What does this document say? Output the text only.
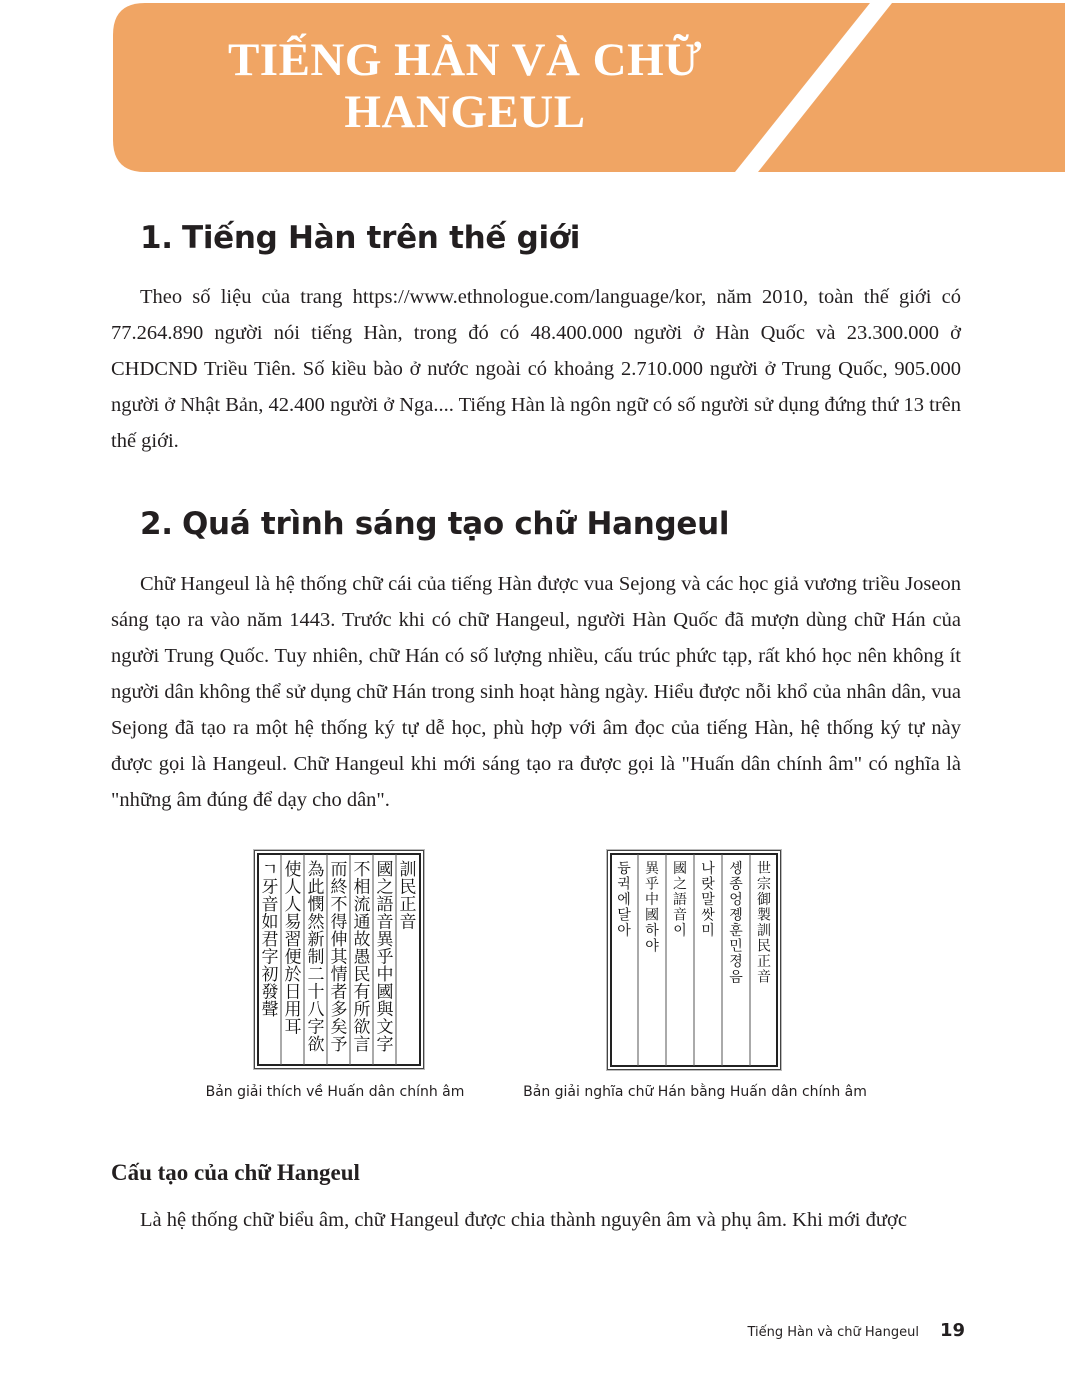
TIẾNG HÀN VÀ CHỮ
HANGEUL
1. Tiếng Hàn trên thế giới

Theo số liệu của trang https://www.ethnologue.com/language/kor, năm 2010, toàn thế giới có 77.264.890 người nói tiếng Hàn, trong đó có 48.400.000 người ở Hàn Quốc và 23.300.000 ở CHDCND Triều Tiên. Số kiều bào ở nước ngoài có khoảng 2.710.000 người ở Trung Quốc, 905.000 người ở Nhật Bản, 42.400 người ở Nga.... Tiếng Hàn là ngôn ngữ có số người sử dụng đứng thứ 13 trên thế giới.

2. Quá trình sáng tạo chữ Hangeul

Chữ Hangeul là hệ thống chữ cái của tiếng Hàn được vua Sejong và các học giả vương triều Joseon sáng tạo ra vào năm 1443. Trước khi có chữ Hangeul, người Hàn Quốc đã mượn dùng chữ Hán của người Trung Quốc. Tuy nhiên, chữ Hán có số lượng nhiều, cấu trúc phức tạp, rất khó học nên không ít người dân không thể sử dụng chữ Hán trong sinh hoạt hàng ngày. Hiểu được nỗi khổ của nhân dân, vua Sejong đã tạo ra một hệ thống ký tự dễ học, phù hợp với âm đọc của tiếng Hàn, hệ thống ký tự này được gọi là Hangeul. Chữ Hangeul khi mới sáng tạo ra được gọi là "Huấn dân chính âm" có nghĩa là "những âm đúng để dạy cho dân".

訓
民
正
音
國
之
語
音
異
乎
中
國
與
文
字
不
相
流
通
故
愚
民
有
所
欲
言
而
終
不
得
伸
其
情
者
多
矣
予
為
此
憫
然
新
制
二
十
八
字
欲
使
人
人
易
習
便
於
日
用
耳
ㄱ
牙
音
如
君
字
初
發
聲
Bản giải thích về Huấn dân chính âm
世
宗
御
製
訓
民
正
音
솅
종
엉
졩
훈
민
졍
음
나
랏
말
쌋
미
國
之
語
音
이
異
乎
中
國
하
야
듕
귁
에
달
아
Bản giải nghĩa chữ Hán bằng Huấn dân chính âm
Cấu tạo của chữ Hangeul

Là hệ thống chữ biểu âm, chữ Hangeul được chia thành nguyên âm và phụ âm. Khi mới được

Tiếng Hàn và chữ Hangeul 19
